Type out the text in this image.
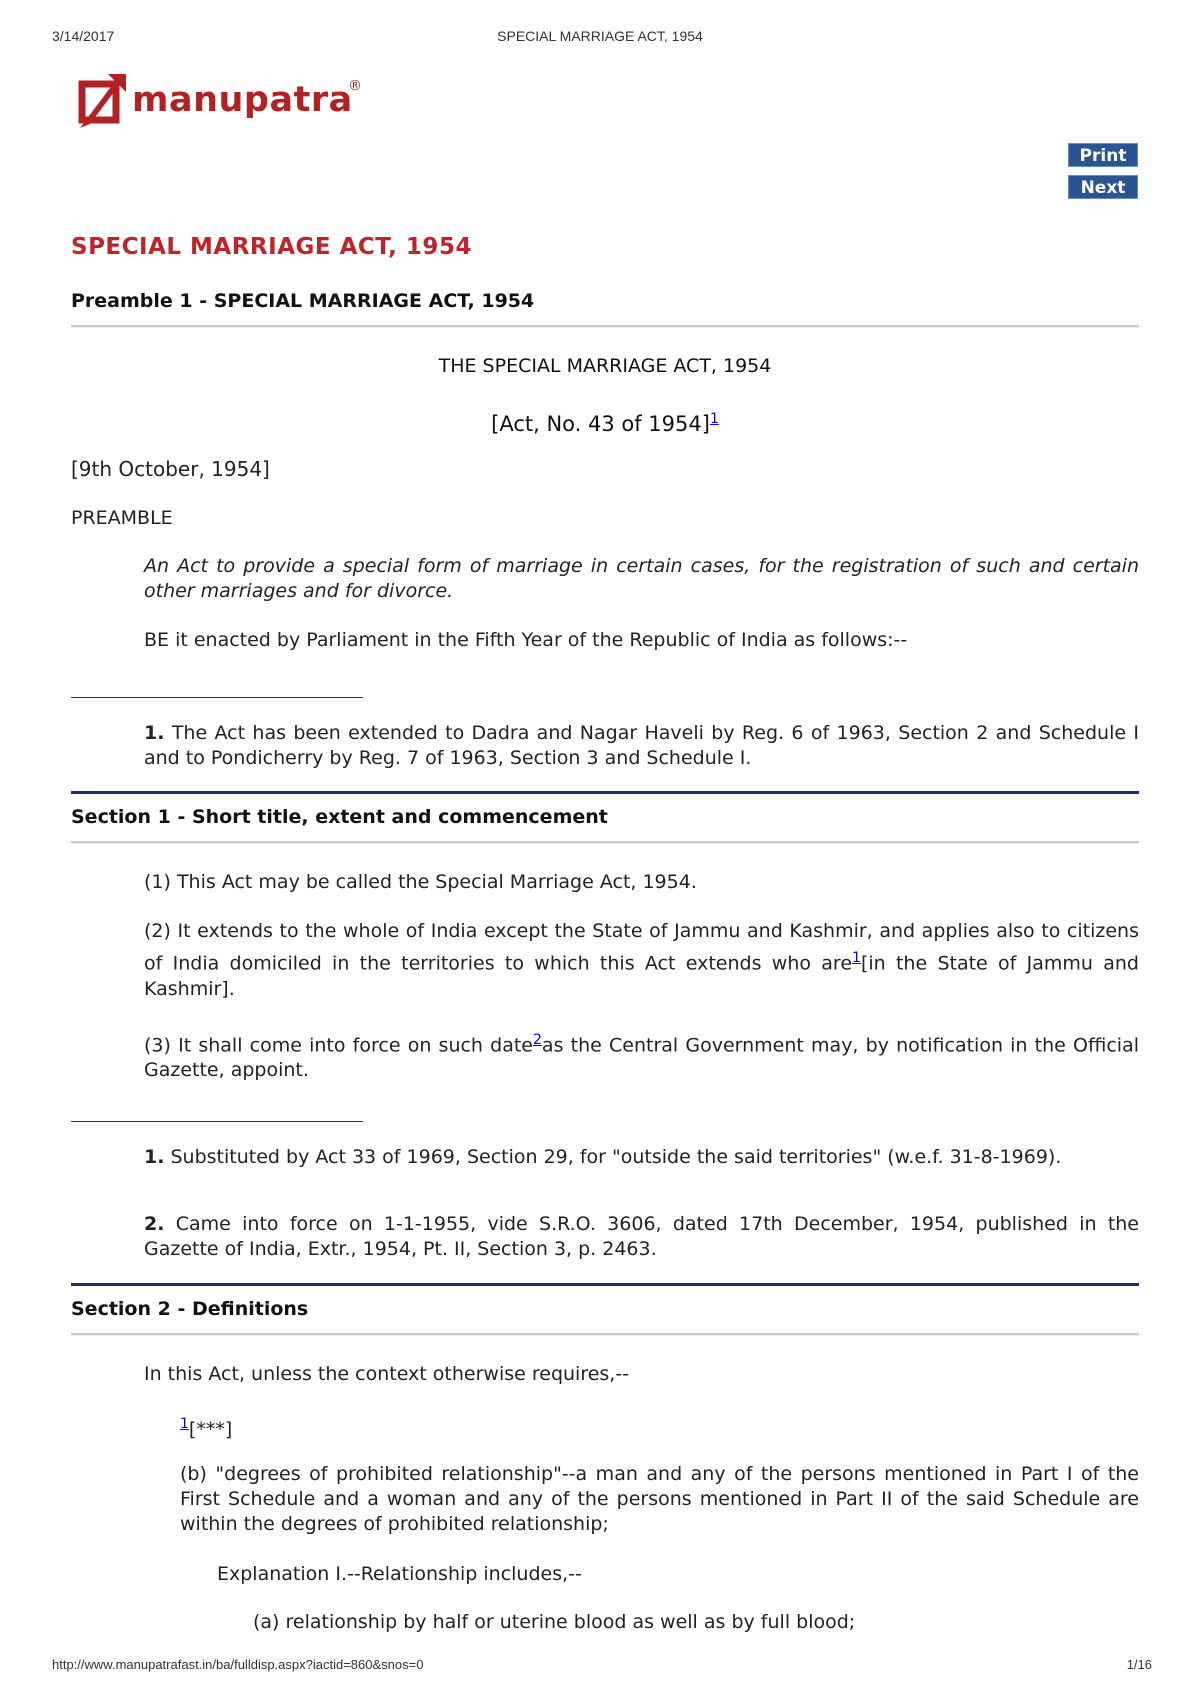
3/14/2017	SPECIAL MARRIAGE ACT, 1954
manupatra
®
Print
Next
SPECIAL MARRIAGE ACT, 1954
Preamble 1 - SPECIAL MARRIAGE ACT, 1954
THE SPECIAL MARRIAGE ACT, 1954
[Act, No. 43 of 1954]$^1$
[9th October, 1954]
PREAMBLE
An Act to provide a special form of marriage in certain cases, for the registration of such and certain other marriages and for divorce.
BE it enacted by Parliament in the Fifth Year of the Republic of India as follows:--
1. The Act has been extended to Dadra and Nagar Haveli by Reg. 6 of 1963, Section 2 and Schedule I and to Pondicherry by Reg. 7 of 1963, Section 3 and Schedule I.
Section 1 - Short title, extent and commencement
(1) This Act may be called the Special Marriage Act, 1954.
(2) It extends to the whole of India except the State of Jammu and Kashmir, and applies also to citizens of India domiciled in the territories to which this Act extends who are$^1$[in the State of Jammu and Kashmir].
(3) It shall come into force on such date$^2$as the Central Government may, by notification in the Official Gazette, appoint.
1. Substituted by Act 33 of 1969, Section 29, for "outside the said territories" (w.e.f. 31-8-1969).
2. Came into force on 1-1-1955, vide S.R.O. 3606, dated 17th December, 1954, published in the Gazette of India, Extr., 1954, Pt. II, Section 3, p. 2463.
Section 2 - Definitions
In this Act, unless the context otherwise requires,--
$^1$[***]
(b) "degrees of prohibited relationship"--a man and any of the persons mentioned in Part I of the First Schedule and a woman and any of the persons mentioned in Part II of the said Schedule are within the degrees of prohibited relationship;
Explanation I.--Relationship includes,--
(a) relationship by half or uterine blood as well as by full blood;
http://www.manupatrafast.in/ba/fulldisp.aspx?iactid=860&snos=0	1/16
